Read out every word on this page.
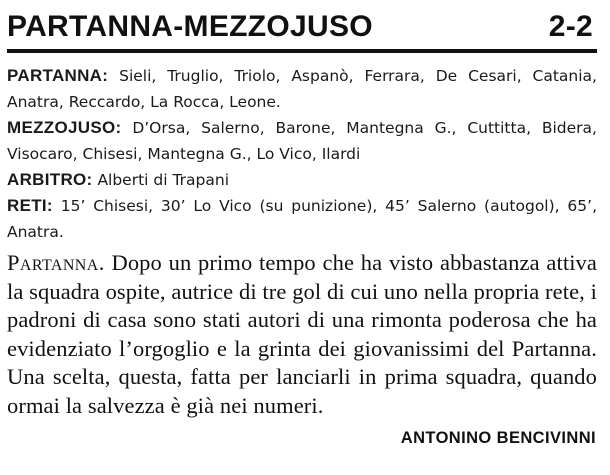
PARTANNA-MEZZOJUSO	2-2

PARTANNA: Sieli, Truglio, Triolo, Aspanò, Ferrara, De Cesari, Catania, Anatra, Reccardo, La Rocca, Leone.

MEZZOJUSO: D’Orsa, Salerno, Barone, Mantegna G., Cuttitta, Bidera, Visocaro, Chisesi, Mantegna G., Lo Vico, Ilardi

ARBITRO: Alberti di Trapani

RETI: 15’ Chisesi, 30’ Lo Vico (su punizione), 45’ Salerno (autogol), 65’, Anatra.

Partanna. Dopo un primo tempo che ha visto abbastanza attiva la squadra ospite, autrice di tre gol di cui uno nella propria rete, i padroni di casa sono stati autori di una rimonta poderosa che ha evidenziato l’orgoglio e la grinta dei giovanissimi del Partanna. Una scelta, questa, fatta per lanciarli in prima squadra, quando ormai la salvezza è già nei numeri.
ANTONINO BENCIVINNI
